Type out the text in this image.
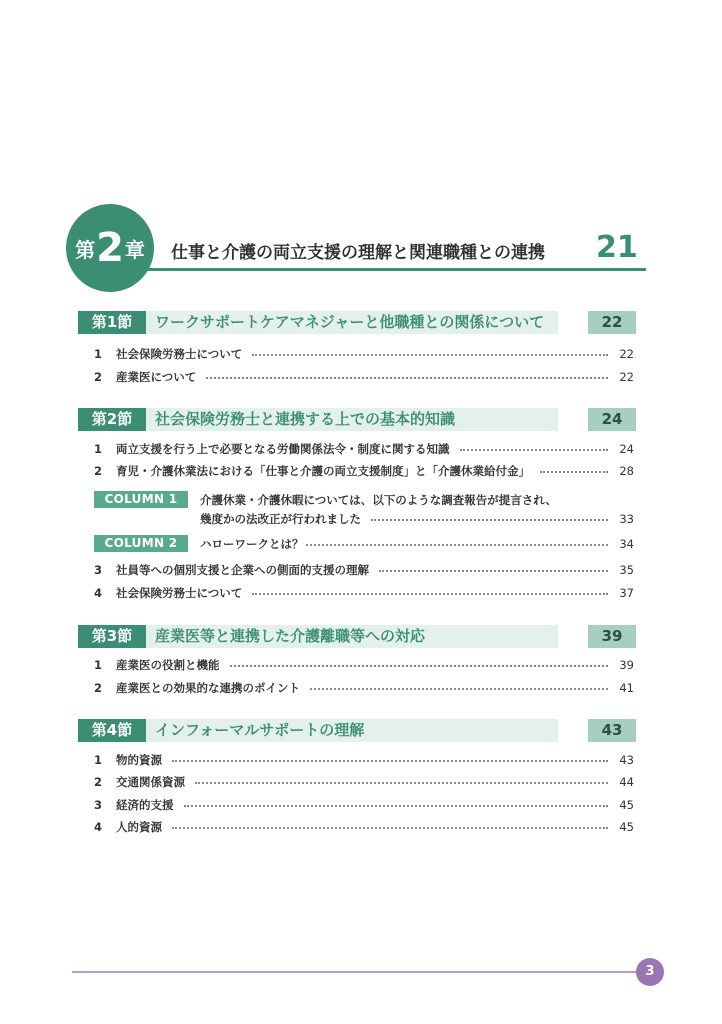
第 2 章 仕事と介護の両立支援の理解と関連職種との連携 21
第1節	ワークサポートケアマネジャーと他職種との関係について	22
1	社会保険労務士について	22
2	産業医について	22
第2節	社会保険労務士と連携する上での基本的知識	24
1	両立支援を行う上で必要となる労働関係法令・制度に関する知識	24
2	育児・介護休業法における「仕事と介護の両立支援制度」と「介護休業給付金」	28
COLUMN 1	介護休業・介護休暇については、以下のような調査報告が提言され、
幾度かの法改正が行われました	33
COLUMN 2	ハローワークとは？	34
3	社員等への個別支援と企業への側面的支援の理解	35
4	社会保険労務士について	37
第3節	産業医等と連携した介護離職等への対応	39
1	産業医の役割と機能	39
2	産業医との効果的な連携のポイント	41
第4節	インフォーマルサポートの理解	43
1	物的資源	43
2	交通関係資源	44
3	経済的支援	45
4	人的資源	45
3
